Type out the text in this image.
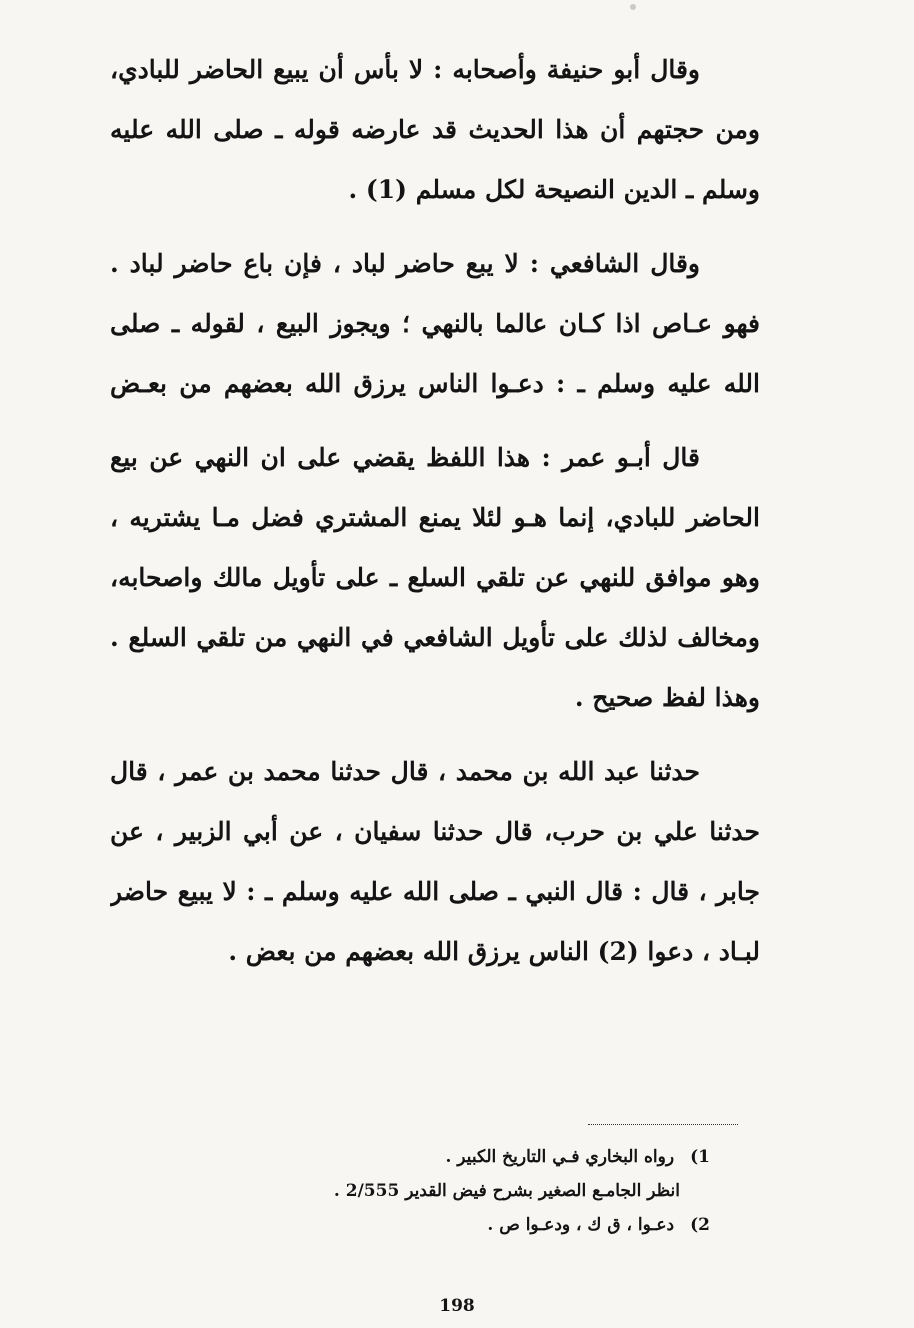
وقال أبو حنيفة وأصحابه : لا بأس أن يبيع الحاضر للبادي،
ومن حجتهم أن هذا الحديث قد عارضه قوله ـ صلى الله عليه
وسلم ـ الدين النصيحة لكل مسلم (1) .
وقال الشافعي : لا يبع حاضر لباد ، فإن باع حاضر لباد .
فهو عـاص اذا كـان عالما بالنهي ؛ ويجوز البيع ، لقوله ـ صلى
الله عليه وسلم ـ : دعـوا الناس يرزق الله بعضهم من بعـض
قال أبـو عمر : هذا اللفظ يقضي على ان النهي عن بيع
الحاضر للبادي، إنما هـو لئلا يمنع المشتري فضل مـا يشتريه ،
وهو موافق للنهي عن تلقي السلع ـ على تأويل مالك واصحابه،
ومخالف لذلك على تأويل الشافعي في النهي من تلقي السلع .
وهذا لفظ صحيح .
حدثنا عبد الله بن محمد ، قال حدثنا محمد بن عمر ، قال
حدثنا علي بن حرب، قال حدثنا سفيان ، عن أبي الزبير ، عن
جابر ، قال : قال النبي ـ صلى الله عليه وسلم ـ : لا يبيع حاضر
لبـاد ، دعوا (2) الناس يرزق الله بعضهم من بعض .
1) رواه البخاري فـي التاريخ الكبير .
انظر الجامـع الصغير بشرح فيض القدير 2/555 .
2) دعـوا ، ق ك ، ودعـوا ص .
198
